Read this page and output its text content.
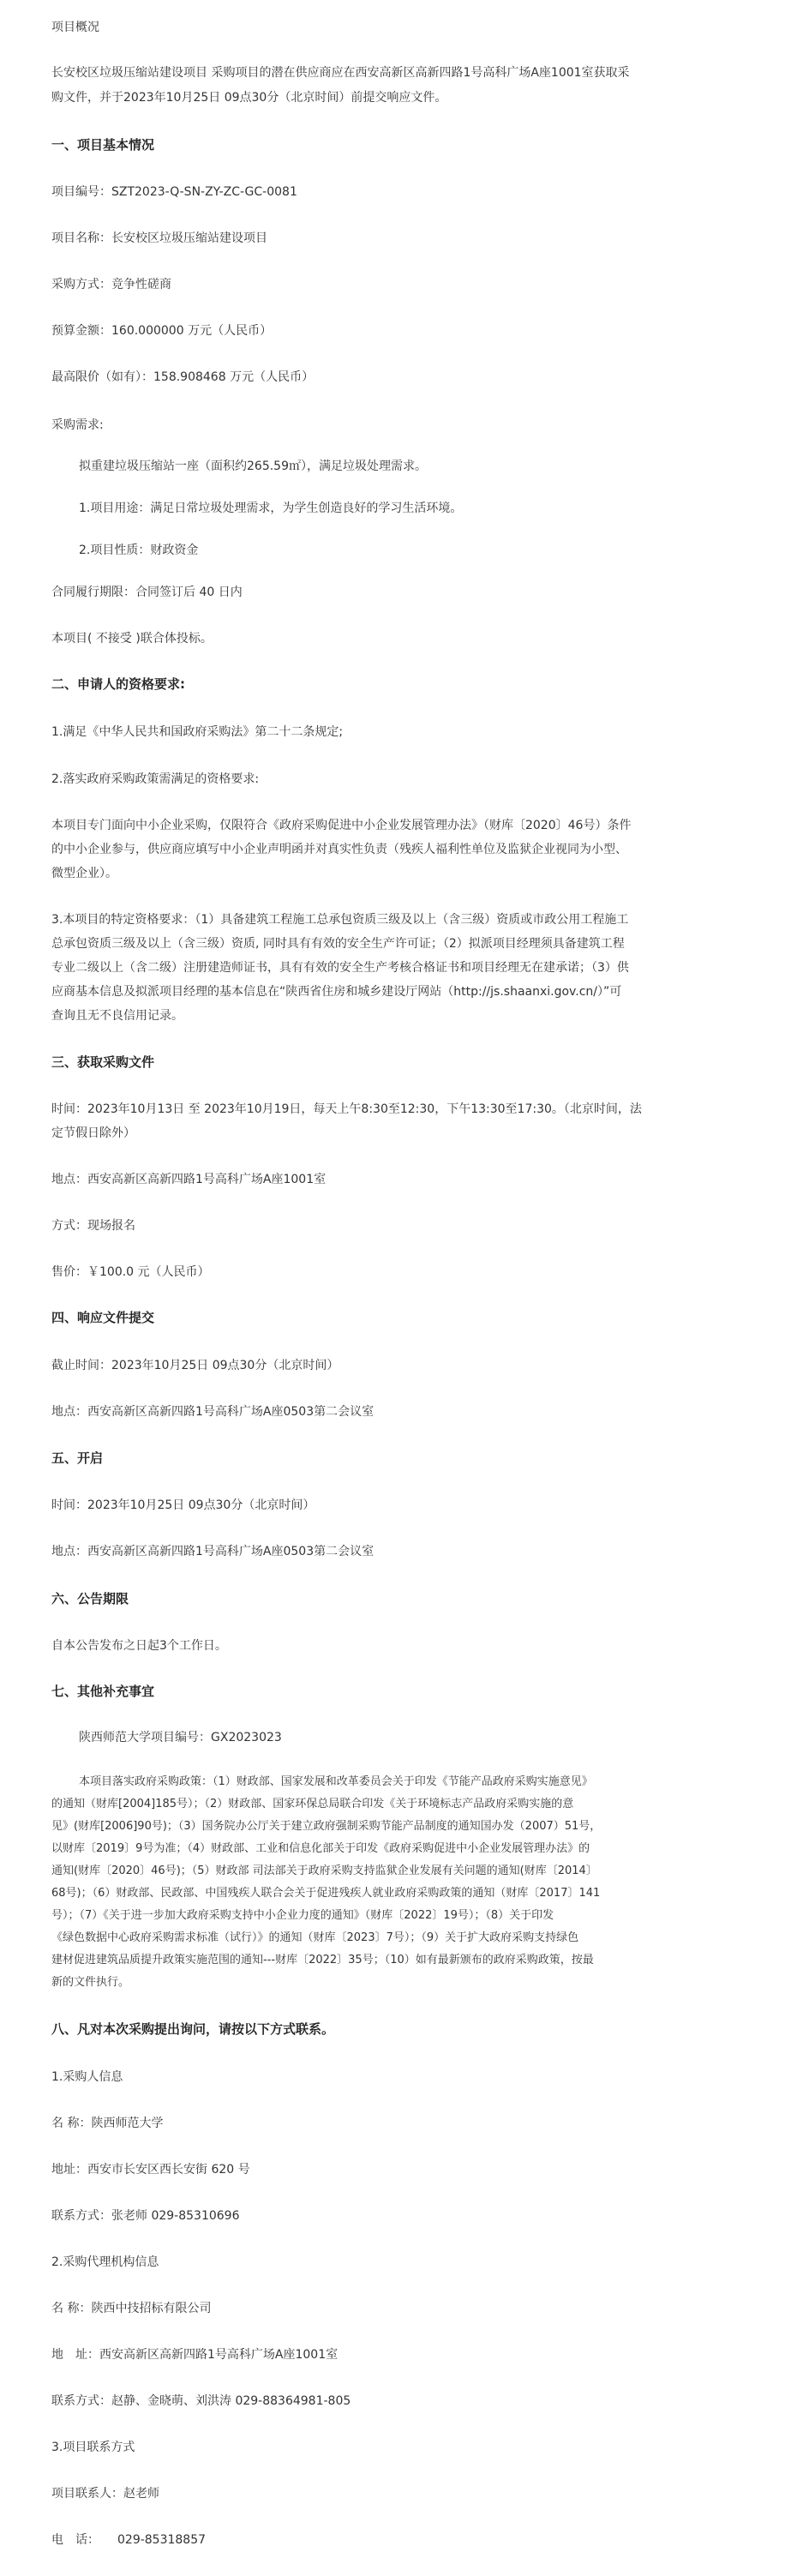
项目概况

长安校区垃圾压缩站建设项目 采购项目的潜在供应商应在西安高新区高新四路1号高科广场A座1001室获取采

购文件，并于2023年10月25日 09点30分（北京时间）前提交响应文件。

一、项目基本情况

项目编号：SZT2023-Q-SN-ZY-ZC-GC-0081

项目名称：长安校区垃圾压缩站建设项目

采购方式：竞争性磋商

预算金额：160.000000 万元（人民币）

最高限价（如有）：158.908468 万元（人民币）

采购需求:

拟重建垃圾压缩站一座（面积约265.59㎡），满足垃圾处理需求。

1.项目用途：满足日常垃圾处理需求，为学生创造良好的学习生活环境。

2.项目性质：财政资金

合同履行期限：合同签订后 40 日内

本项目( 不接受 )联合体投标。

二、申请人的资格要求:

1.满足《中华人民共和国政府采购法》第二十二条规定;

2.落实政府采购政策需满足的资格要求:

本项目专门面向中小企业采购，仅限符合《政府采购促进中小企业发展管理办法》（财库〔2020〕46号）条件

的中小企业参与，供应商应填写中小企业声明函并对真实性负责（残疾人福利性单位及监狱企业视同为小型、

微型企业）。

3.本项目的特定资格要求：（1）具备建筑工程施工总承包资质三级及以上（含三级）资质或市政公用工程施工

总承包资质三级及以上（含三级）资质, 同时具有有效的安全生产许可证；（2）拟派项目经理须具备建筑工程

专业二级以上（含二级）注册建造师证书，具有有效的安全生产考核合格证书和项目经理无在建承诺；（3）供

应商基本信息及拟派项目经理的基本信息在“陕西省住房和城乡建设厅网站（http://js.shaanxi.gov.cn/）”可

查询且无不良信用记录。

三、获取采购文件

时间：2023年10月13日 至 2023年10月19日，每天上午8:30至12:30，下午13:30至17:30。（北京时间，法

定节假日除外）

地点：西安高新区高新四路1号高科广场A座1001室

方式：现场报名

售价：￥100.0 元（人民币）

四、响应文件提交

截止时间：2023年10月25日 09点30分（北京时间）

地点：西安高新区高新四路1号高科广场A座0503第二会议室

五、开启

时间：2023年10月25日 09点30分（北京时间）

地点：西安高新区高新四路1号高科广场A座0503第二会议室

六、公告期限

自本公告发布之日起3个工作日。

七、其他补充事宜

陕西师范大学项目编号：GX2023023

本项目落实政府采购政策：（1）财政部、国家发展和改革委员会关于印发《节能产品政府采购实施意见》

的通知（财库[2004]185号）；（2）财政部、国家环保总局联合印发《关于环境标志产品政府采购实施的意

见》(财库[2006]90号)；（3）国务院办公厅关于建立政府强制采购节能产品制度的通知国办发（2007）51号，

以财库〔2019〕9号为准；（4）财政部、工业和信息化部关于印发《政府采购促进中小企业发展管理办法》的

通知(财库〔2020〕46号)；（5）财政部 司法部关于政府采购支持监狱企业发展有关问题的通知(财库〔2014〕

68号)；（6）财政部、民政部、中国残疾人联合会关于促进残疾人就业政府采购政策的通知（财库〔2017〕141

号）；（7）《关于进一步加大政府采购支持中小企业力度的通知》（财库〔2022〕19号）；（8）关于印发

《绿色数据中心政府采购需求标准（试行）》的通知（财库〔2023〕7号）；（9）关于扩大政府采购支持绿色

建材促进建筑品质提升政策实施范围的通知---财库〔2022〕35号；（10）如有最新颁布的政府采购政策，按最

新的文件执行。

八、凡对本次采购提出询问，请按以下方式联系。

1.采购人信息

名 称：陕西师范大学

地址：西安市长安区西长安街 620 号

联系方式：张老师 029-85310696

2.采购代理机构信息

名 称：陕西中技招标有限公司

地　址：西安高新区高新四路1号高科广场A座1001室

联系方式：赵静、金晓萌、刘洪涛 029-88364981-805

3.项目联系方式

项目联系人：赵老师

电　话：　　029-85318857
